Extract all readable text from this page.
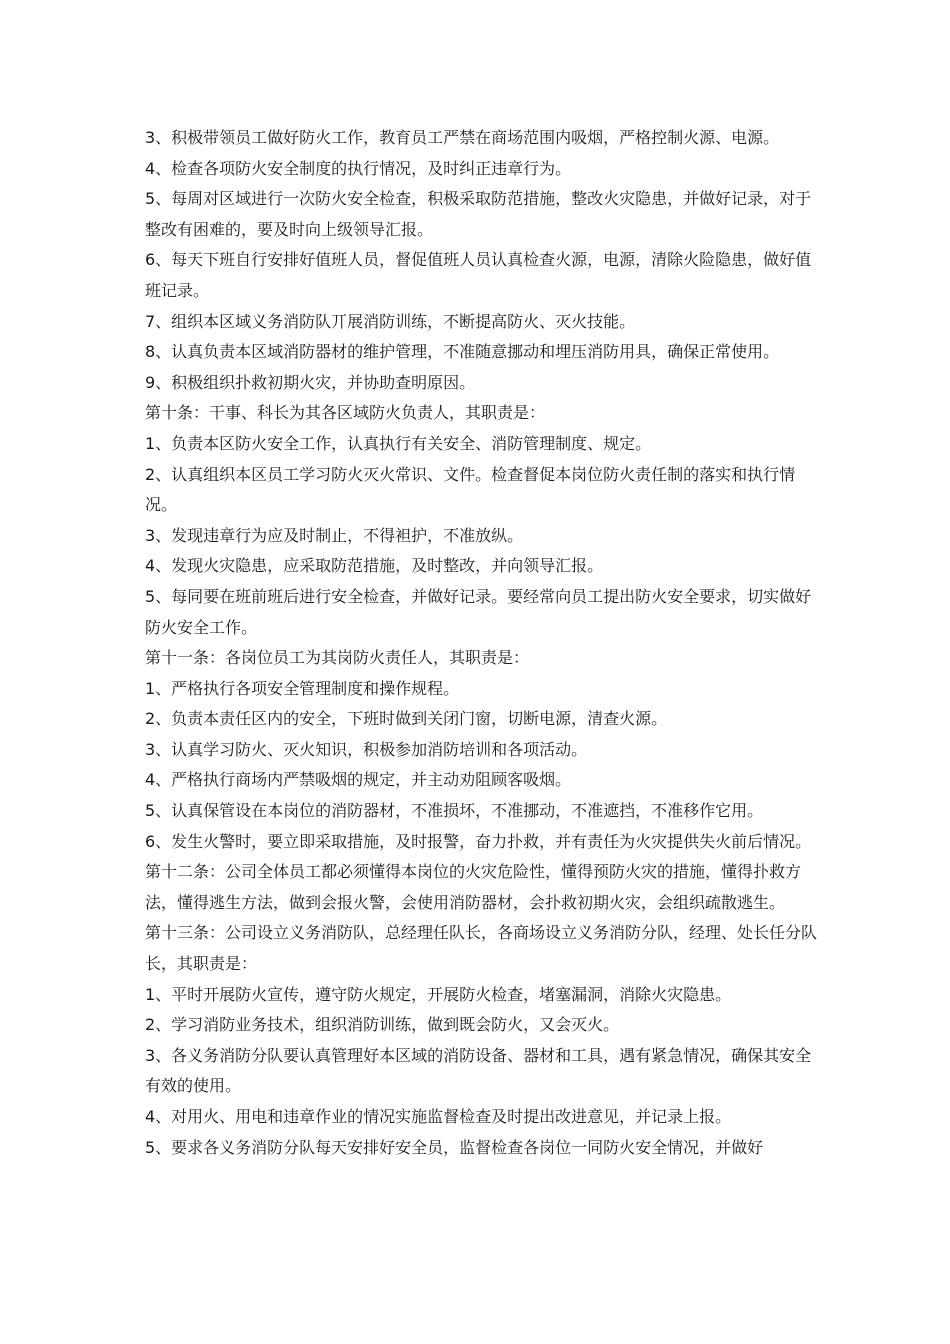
3、积极带领员工做好防火工作，教育员工严禁在商场范围内吸烟，严格控制火源、电源。

4、检查各项防火安全制度的执行情况，及时纠正违章行为。

5、每周对区域进行一次防火安全检查，积极采取防范措施，整改火灾隐患，并做好记录，对于整改有困难的，要及时向上级领导汇报。

6、每天下班自行安排好值班人员，督促值班人员认真检查火源，电源，清除火险隐患，做好值班记录。

7、组织本区域义务消防队丌展消防训练，不断提高防火、灭火技能。

8、认真负责本区域消防器材的维护管理，不准随意挪动和埋压消防用具，确保正常使用。

9、积极组织扑救初期火灾，并协助查明原因。

第十条：干事、科长为其各区域防火负责人，其职责是：

1、负责本区防火安全工作，认真执行有关安全、消防管理制度、规定。

2、认真组织本区员工学习防火灭火常识、文件。检查督促本岗位防火责任制的落实和执行情况。

3、发现违章行为应及时制止，不得袒护，不准放纵。

4、发现火灾隐患，应采取防范措施，及时整改，并向领导汇报。

5、每同要在班前班后进行安全检查，并做好记录。要经常向员工提出防火安全要求，切实做好防火安全工作。

第十一条：各岗位员工为其岗防火责任人，其职责是：

1、严格执行各项安全管理制度和操作规程。

2、负责本责任区内的安全，下班时做到关闭门窗，切断电源，清查火源。

3、认真学习防火、灭火知识，积极参加消防培训和各项活动。

4、严格执行商场内严禁吸烟的规定，并主动劝阻顾客吸烟。

5、认真保管设在本岗位的消防器材，不准损坏，不准挪动，不准遮挡，不准移作它用。

6、发生火警时，要立即采取措施，及时报警，奋力扑救，并有责任为火灾提供失火前后情况。

第十二条：公司全体员工都必须懂得本岗位的火灾危险性，懂得预防火灾的措施，懂得扑救方法，懂得逃生方法，做到会报火警，会使用消防器材，会扑救初期火灾，会组织疏散逃生。

第十三条：公司设立义务消防队，总经理任队长，各商场设立义务消防分队，经理、处长任分队长，其职责是：

1、平时开展防火宣传，遵守防火规定，开展防火检查，堵塞漏洞，消除火灾隐患。

2、学习消防业务技术，组织消防训练，做到既会防火，又会灭火。

3、各义务消防分队要认真管理好本区域的消防设备、器材和工具，遇有紧急情况，确保其安全有效的使用。

4、对用火、用电和违章作业的情况实施监督检查及时提出改进意见，并记录上报。

5、要求各义务消防分队每天安排好安全员，监督检查各岗位一同防火安全情况，并做好
